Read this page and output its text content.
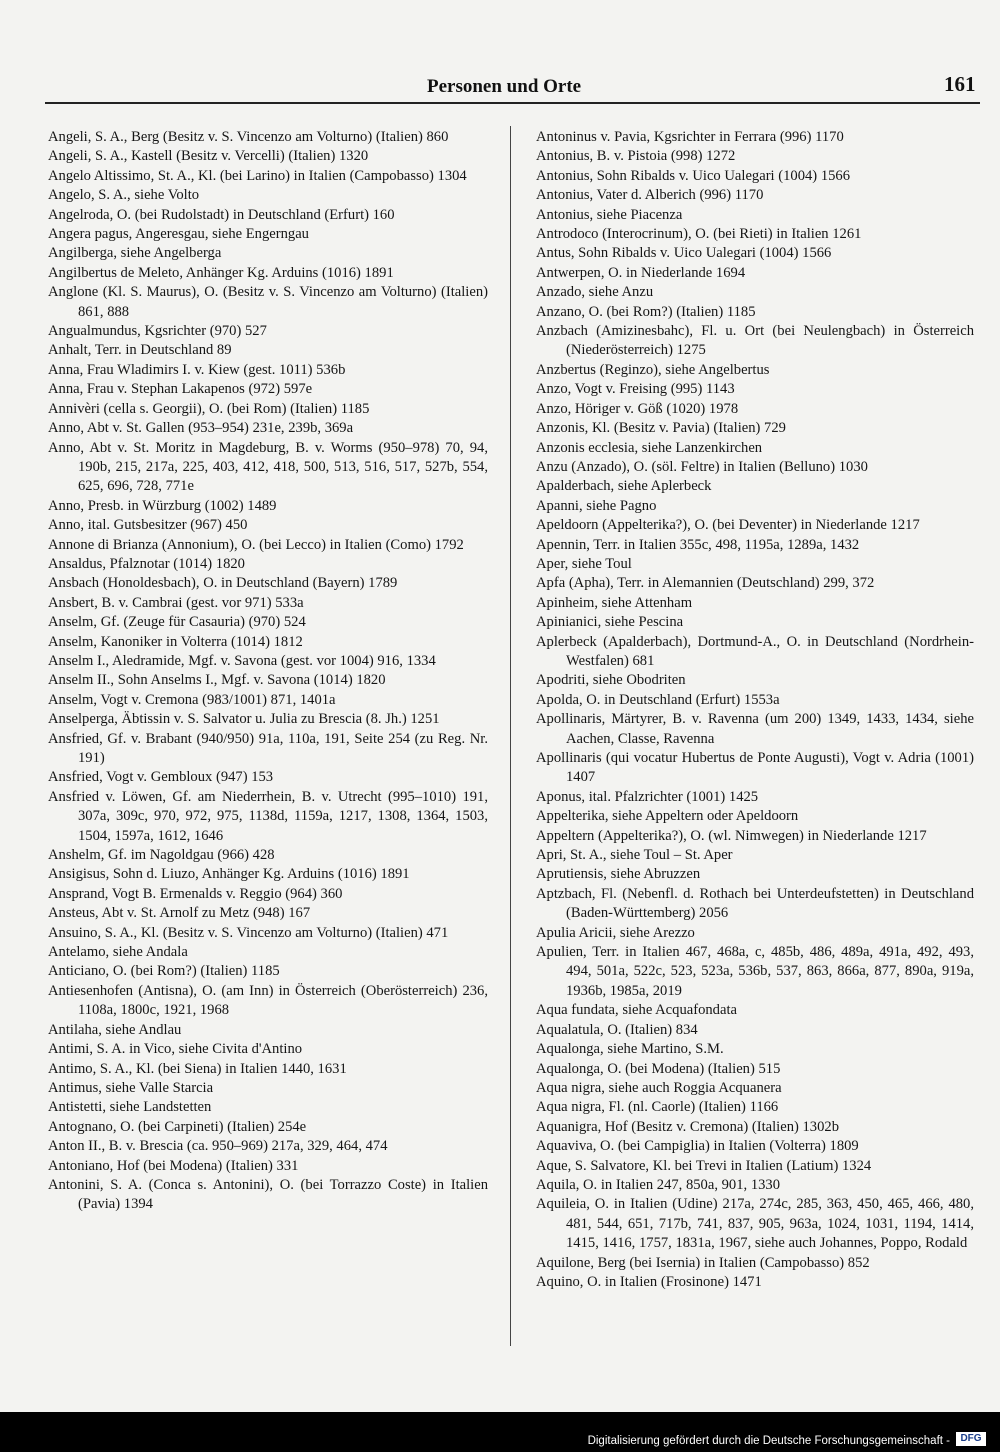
Personen und Orte	161
Angeli, S. A., Berg (Besitz v. S. Vincenzo am Volturno) (Italien) 860
Angeli, S. A., Kastell (Besitz v. Vercelli) (Italien) 1320
Angelo Altissimo, St. A., Kl. (bei Larino) in Italien (Campobasso) 1304
Angelo, S. A., siehe Volto
Angelroda, O. (bei Rudolstadt) in Deutschland (Erfurt) 160
Angera pagus, Angeresgau, siehe Engerngau
Angilberga, siehe Angelberga
Angilbertus de Meleto, Anhänger Kg. Arduins (1016) 1891
Anglone (Kl. S. Maurus), O. (Besitz v. S. Vincenzo am Volturno) (Italien) 861, 888
Angualmundus, Kgsrichter (970) 527
Anhalt, Terr. in Deutschland 89
Anna, Frau Wladimirs I. v. Kiew (gest. 1011) 536b
Anna, Frau v. Stephan Lakapenos (972) 597e
Annivèri (cella s. Georgii), O. (bei Rom) (Italien) 1185
Anno, Abt v. St. Gallen (953–954) 231e, 239b, 369a
Anno, Abt v. St. Moritz in Magdeburg, B. v. Worms (950–978) 70, 94, 190b, 215, 217a, 225, 403, 412, 418, 500, 513, 516, 517, 527b, 554, 625, 696, 728, 771e
Anno, Presb. in Würzburg (1002) 1489
Anno, ital. Gutsbesitzer (967) 450
Annone di Brianza (Annonium), O. (bei Lecco) in Italien (Como) 1792
Ansaldus, Pfalznotar (1014) 1820
Ansbach (Honoldesbach), O. in Deutschland (Bayern) 1789
Ansbert, B. v. Cambrai (gest. vor 971) 533a
Anselm, Gf. (Zeuge für Casauria) (970) 524
Anselm, Kanoniker in Volterra (1014) 1812
Anselm I., Aledramide, Mgf. v. Savona (gest. vor 1004) 916, 1334
Anselm II., Sohn Anselms I., Mgf. v. Savona (1014) 1820
Anselm, Vogt v. Cremona (983/1001) 871, 1401a
Anselperga, Äbtissin v. S. Salvator u. Julia zu Brescia (8. Jh.) 1251
Ansfried, Gf. v. Brabant (940/950) 91a, 110a, 191, Seite 254 (zu Reg. Nr. 191)
Ansfried, Vogt v. Gembloux (947) 153
Ansfried v. Löwen, Gf. am Niederrhein, B. v. Utrecht (995–1010) 191, 307a, 309c, 970, 972, 975, 1138d, 1159a, 1217, 1308, 1364, 1503, 1504, 1597a, 1612, 1646
Anshelm, Gf. im Nagoldgau (966) 428
Ansigisus, Sohn d. Liuzo, Anhänger Kg. Arduins (1016) 1891
Ansprand, Vogt B. Ermenalds v. Reggio (964) 360
Ansteus, Abt v. St. Arnolf zu Metz (948) 167
Ansuino, S. A., Kl. (Besitz v. S. Vincenzo am Volturno) (Italien) 471
Antelamo, siehe Andala
Anticiano, O. (bei Rom?) (Italien) 1185
Antiesenhofen (Antisna), O. (am Inn) in Österreich (Oberösterreich) 236, 1108a, 1800c, 1921, 1968
Antilaha, siehe Andlau
Antimi, S. A. in Vico, siehe Civita d'Antino
Antimo, S. A., Kl. (bei Siena) in Italien 1440, 1631
Antimus, siehe Valle Starcia
Antistetti, siehe Landstetten
Antognano, O. (bei Carpineti) (Italien) 254e
Anton II., B. v. Brescia (ca. 950–969) 217a, 329, 464, 474
Antoniano, Hof (bei Modena) (Italien) 331
Antonini, S. A. (Conca s. Antonini), O. (bei Torrazzo Coste) in Italien (Pavia) 1394
Antoninus v. Pavia, Kgsrichter in Ferrara (996) 1170
Antonius, B. v. Pistoia (998) 1272
Antonius, Sohn Ribalds v. Uico Ualegari (1004) 1566
Antonius, Vater d. Alberich (996) 1170
Antonius, siehe Piacenza
Antrodoco (Interocrinum), O. (bei Rieti) in Italien 1261
Antus, Sohn Ribalds v. Uico Ualegari (1004) 1566
Antwerpen, O. in Niederlande 1694
Anzado, siehe Anzu
Anzano, O. (bei Rom?) (Italien) 1185
Anzbach (Amizinesbahc), Fl. u. Ort (bei Neulengbach) in Österreich (Niederösterreich) 1275
Anzbertus (Reginzo), siehe Angelbertus
Anzo, Vogt v. Freising (995) 1143
Anzo, Höriger v. Göß (1020) 1978
Anzonis, Kl. (Besitz v. Pavia) (Italien) 729
Anzonis ecclesia, siehe Lanzenkirchen
Anzu (Anzado), O. (söl. Feltre) in Italien (Belluno) 1030
Apalderbach, siehe Aplerbeck
Apanni, siehe Pagno
Apeldoorn (Appelterika?), O. (bei Deventer) in Niederlande 1217
Apennin, Terr. in Italien 355c, 498, 1195a, 1289a, 1432
Aper, siehe Toul
Apfa (Apha), Terr. in Alemannien (Deutschland) 299, 372
Apinheim, siehe Attenham
Apinianici, siehe Pescina
Aplerbeck (Apalderbach), Dortmund-A., O. in Deutschland (Nordrhein-Westfalen) 681
Apodriti, siehe Obodriten
Apolda, O. in Deutschland (Erfurt) 1553a
Apollinaris, Märtyrer, B. v. Ravenna (um 200) 1349, 1433, 1434, siehe Aachen, Classe, Ravenna
Apollinaris (qui vocatur Hubertus de Ponte Augusti), Vogt v. Adria (1001) 1407
Aponus, ital. Pfalzrichter (1001) 1425
Appelterika, siehe Appeltern oder Apeldoorn
Appeltern (Appelterika?), O. (wl. Nimwegen) in Niederlande 1217
Apri, St. A., siehe Toul – St. Aper
Aprutiensis, siehe Abruzzen
Aptzbach, Fl. (Nebenfl. d. Rothach bei Unterdeufstetten) in Deutschland (Baden-Württemberg) 2056
Apulia Aricii, siehe Arezzo
Apulien, Terr. in Italien 467, 468a, c, 485b, 486, 489a, 491a, 492, 493, 494, 501a, 522c, 523, 523a, 536b, 537, 863, 866a, 877, 890a, 919a, 1936b, 1985a, 2019
Aqua fundata, siehe Acquafondata
Aqualatula, O. (Italien) 834
Aqualonga, siehe Martino, S.M.
Aqualonga, O. (bei Modena) (Italien) 515
Aqua nigra, siehe auch Roggia Acquanera
Aqua nigra, Fl. (nl. Caorle) (Italien) 1166
Aquanigra, Hof (Besitz v. Cremona) (Italien) 1302b
Aquaviva, O. (bei Campiglia) in Italien (Volterra) 1809
Aque, S. Salvatore, Kl. bei Trevi in Italien (Latium) 1324
Aquila, O. in Italien 247, 850a, 901, 1330
Aquileia, O. in Italien (Udine) 217a, 274c, 285, 363, 450, 465, 466, 480, 481, 544, 651, 717b, 741, 837, 905, 963a, 1024, 1031, 1194, 1414, 1415, 1416, 1757, 1831a, 1967, siehe auch Johannes, Poppo, Rodald
Aquilone, Berg (bei Isernia) in Italien (Campobasso) 852
Aquino, O. in Italien (Frosinone) 1471
Digitalisierung gefördert durch die Deutsche Forschungsgemeinschaft -	DFG
